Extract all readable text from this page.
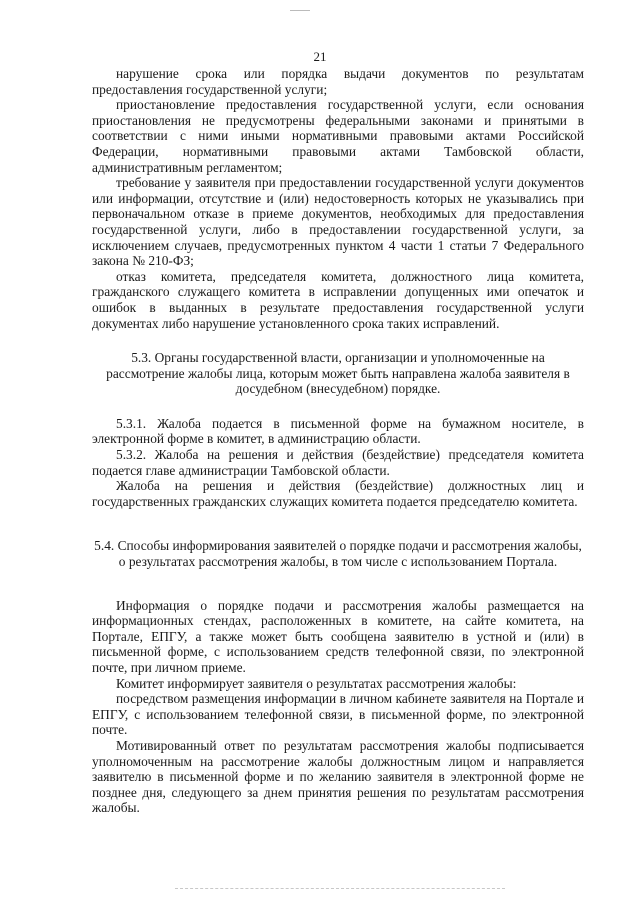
21

нарушение срока или порядка выдачи документов по результатам предоставления государственной услуги;

приостановление предоставления государственной услуги, если основания приостановления не предусмотрены федеральными законами и принятыми в соответствии с ними иными нормативными правовыми актами Российской Федерации, нормативными правовыми актами Тамбовской области, административным регламентом;

требование у заявителя при предоставлении государственной услуги документов или информации, отсутствие и (или) недостоверность которых не указывались при первоначальном отказе в приеме документов, необходимых для предоставления государственной услуги, либо в предоставлении государственной услуги, за исключением случаев, предусмотренных пунктом 4 части 1 статьи 7 Федерального закона № 210-ФЗ;

отказ комитета, председателя комитета, должностного лица комитета, гражданского служащего комитета в исправлении допущенных ими опечаток и ошибок в выданных в результате предоставления государственной услуги документах либо нарушение установленного срока таких исправлений.

5.3. Органы государственной власти, организации и уполномоченные на рассмотрение жалобы лица, которым может быть направлена жалоба заявителя в досудебном (внесудебном) порядке.

5.3.1. Жалоба подается в письменной форме на бумажном носителе, в электронной форме в комитет, в администрацию области.

5.3.2. Жалоба на решения и действия (бездействие) председателя комитета подается главе администрации Тамбовской области.

Жалоба на решения и действия (бездействие) должностных лиц и государственных гражданских служащих комитета подается председателю комитета.

5.4. Способы информирования заявителей о порядке подачи и рассмотрения жалобы, о результатах рассмотрения жалобы, в том числе с использованием Портала.

Информация о порядке подачи и рассмотрения жалобы размещается на информационных стендах, расположенных в комитете, на сайте комитета, на Портале, ЕПГУ, а также может быть сообщена заявителю в устной и (или) в письменной форме, с использованием средств телефонной связи, по электронной почте, при личном приеме.

Комитет информирует заявителя о результатах рассмотрения жалобы:

посредством размещения информации в личном кабинете заявителя на Портале и ЕПГУ, с использованием телефонной связи, в письменной форме, по электронной почте.

Мотивированный ответ по результатам рассмотрения жалобы подписывается уполномоченным на рассмотрение жалобы должностным лицом и направляется заявителю в письменной форме и по желанию заявителя в электронной форме не позднее дня, следующего за днем принятия решения по результатам рассмотрения жалобы.
